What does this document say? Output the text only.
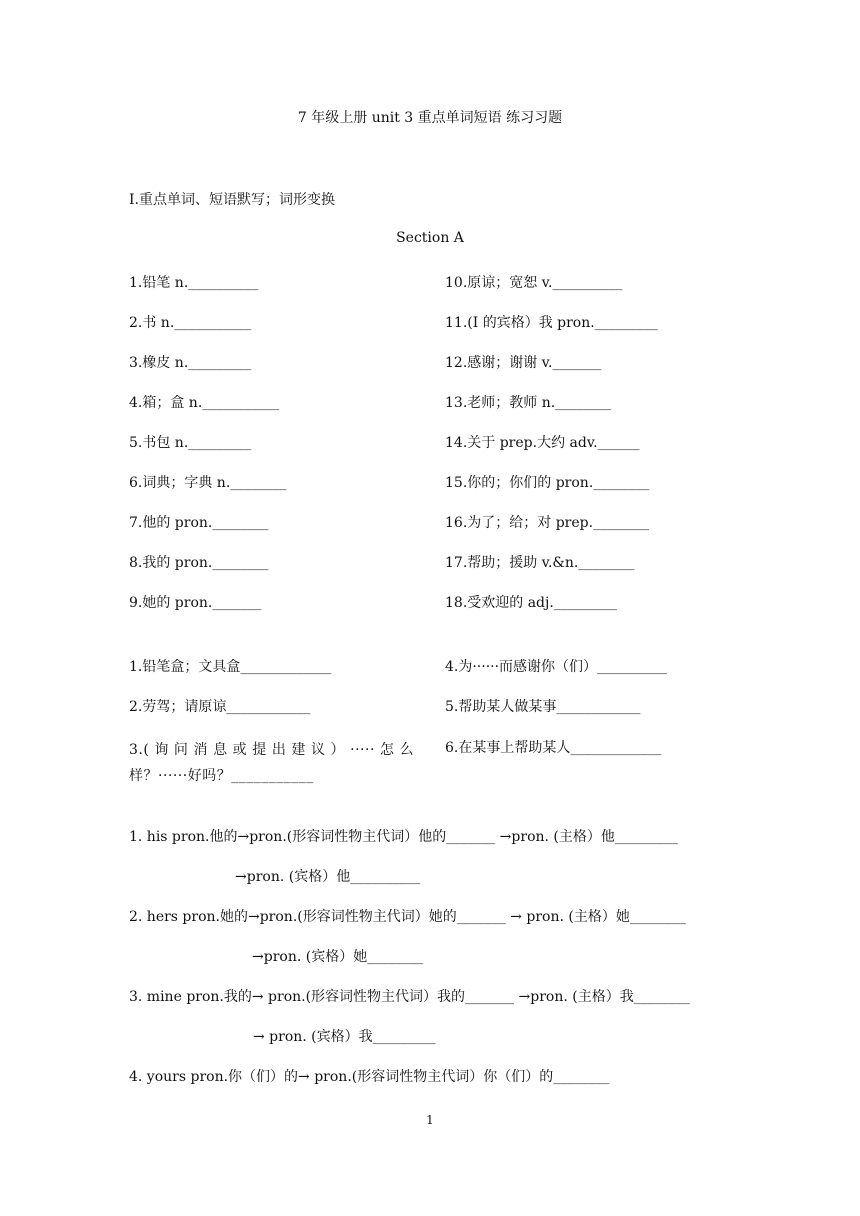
7 年级上册 unit 3 重点单词短语 练习习题
I.重点单词、短语默写；词形变换
Section A
1.铅笔 n.__________
2.书 n.___________
3.橡皮 n._________
4.箱；盒 n.___________
5.书包 n._________
6.词典；字典 n.________
7.他的 pron.________
8.我的 pron.________
9.她的 pron._______
10.原谅；宽恕 v.__________
11.(I 的宾格）我 pron._________
12.感谢；谢谢 v._______
13.老师；教师 n.________
14.关于 prep.大约 adv.______
15.你的；你们的 pron.________
16.为了；给；对 prep.________
17.帮助；援助 v.&n.________
18.受欢迎的 adj._________
1.铅笔盒；文具盒_____________
2.劳驾；请原谅____________
3.( 询 问 消 息 或 提 出 建 议 ） ····· 怎 么 样？······好吗？___________
4.为······而感谢你（们）__________
5.帮助某人做某事____________
6.在某事上帮助某人_____________
1. his pron.他的→pron.(形容词性物主代词）他的_______ →pron. (主格）他_________
→pron. (宾格）他__________
2. hers pron.她的→pron.(形容词性物主代词）她的_______ → pron. (主格）她________
→pron. (宾格）她________
3. mine pron.我的→ pron.(形容词性物主代词）我的_______ →pron. (主格）我________
→ pron. (宾格）我_________
4. yours pron.你（们）的→ pron.(形容词性物主代词）你（们）的________
1
